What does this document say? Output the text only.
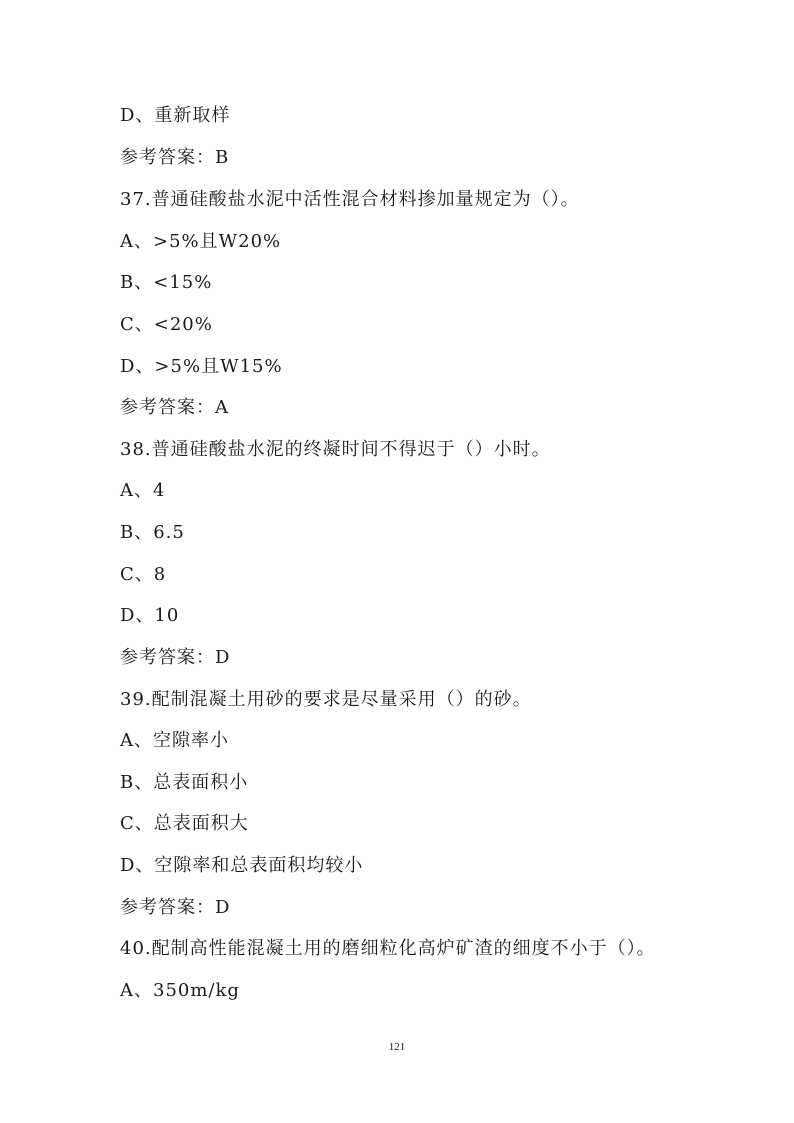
D、重新取样
参考答案：B
37.普通硅酸盐水泥中活性混合材料掺加量规定为（）。
A、>5%且W20%
B、<15%
C、<20%
D、>5%且W15%
参考答案：A
38.普通硅酸盐水泥的终凝时间不得迟于（）小时。
A、4
B、6.5
C、8
D、10
参考答案：D
39.配制混凝土用砂的要求是尽量采用（）的砂。
A、空隙率小
B、总表面积小
C、总表面积大
D、空隙率和总表面积均较小
参考答案：D
40.配制高性能混凝土用的磨细粒化高炉矿渣的细度不小于（）。
A、350m/kg
121
